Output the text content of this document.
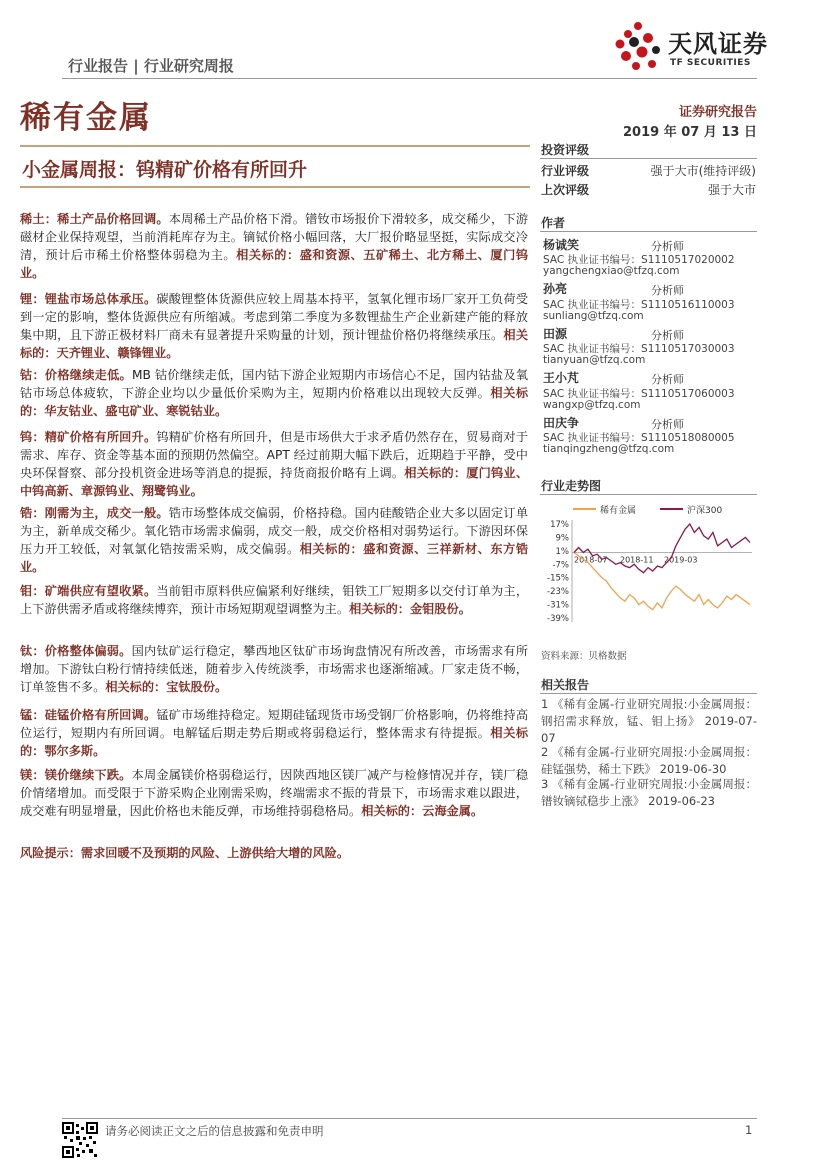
行业报告 | 行业研究周报
天风证券
TF SECURITIES
稀有金属	证券研究报告
2019 年 07 月 13 日
小金属周报：钨精矿价格有所回升
投资评级
行业评级	强于大市(维持评级)
上次评级	强于大市
作者
杨诚笑	分析师
SAC 执业证书编号：S1110517020002
yangchengxiao@tfzq.com
孙亮	分析师
SAC 执业证书编号：S1110516110003
sunliang@tfzq.com
田源	分析师
SAC 执业证书编号：S1110517030003
tianyuan@tfzq.com
王小芃	分析师
SAC 执业证书编号：S1110517060003
wangxp@tfzq.com
田庆争	分析师
SAC 执业证书编号：S1110518080005
tianqingzheng@tfzq.com
行业走势图
稀有金属	沪深300
17%
9%
1%
-7%
-15%
-23%
-31%
-39%
2018-07 2018-11 2019-03
资料来源：贝格数据
相关报告
1 《稀有金属-行业研究周报:小金属周报：钢招需求释放，锰、钼上扬》 2019-07-07
2 《稀有金属-行业研究周报:小金属周报：硅锰强势，稀土下跌》 2019-06-30
3 《稀有金属-行业研究周报:小金属周报：镨钕镝铽稳步上涨》 2019-06-23
稀土：稀土产品价格回调。本周稀土产品价格下滑。镨钕市场报价下滑较多，成交稀少，下游磁材企业保持观望，当前消耗库存为主。镝铽价格小幅回落，大厂报价略显坚挺，实际成交冷清，预计后市稀土价格整体弱稳为主。相关标的：盛和资源、五矿稀土、北方稀土、厦门钨业。
锂：锂盐市场总体承压。碳酸锂整体货源供应较上周基本持平，氢氧化锂市场厂家开工负荷受到一定的影响，整体货源供应有所缩减。考虑到第二季度为多数锂盐生产企业新建产能的释放集中期，且下游正极材料厂商未有显著提升采购量的计划，预计锂盐价格仍将继续承压。相关标的：天齐锂业、赣锋锂业。
钴：价格继续走低。MB 钴价继续走低，国内钴下游企业短期内市场信心不足，国内钴盐及氧钴市场总体疲软，下游企业均以少量低价采购为主，短期内价格难以出现较大反弹。相关标的：华友钴业、盛屯矿业、寒锐钴业。
钨：精矿价格有所回升。钨精矿价格有所回升，但是市场供大于求矛盾仍然存在，贸易商对于需求、库存、资金等基本面的预期仍然偏空。APT 经过前期大幅下跌后，近期趋于平静，受中央环保督察、部分投机资金进场等消息的提振，持货商报价略有上调。相关标的：厦门钨业、中钨高新、章源钨业、翔鹭钨业。
锆：刚需为主，成交一般。锆市场整体成交偏弱，价格持稳。国内硅酸锆企业大多以固定订单为主，新单成交稀少。氧化锆市场需求偏弱，成交一般，成交价格相对弱势运行。下游因环保压力开工较低，对氧氯化锆按需采购，成交偏弱。相关标的：盛和资源、三祥新材、东方锆业。
钼：矿端供应有望收紧。当前钼市原料供应偏紧利好继续，钼铁工厂短期多以交付订单为主，上下游供需矛盾或将继续博弈，预计市场短期观望调整为主。相关标的：金钼股份。
钛：价格整体偏弱。国内钛矿运行稳定，攀西地区钛矿市场询盘情况有所改善，市场需求有所增加。下游钛白粉行情持续低迷，随着步入传统淡季，市场需求也逐渐缩减。厂家走货不畅，订单签售不多。相关标的：宝钛股份。
锰：硅锰价格有所回调。锰矿市场维持稳定。短期硅锰现货市场受钢厂价格影响，仍将维持高位运行，短期内有所回调。电解锰后期走势后期或将弱稳运行，整体需求有待提振。相关标的：鄂尔多斯。
镁：镁价继续下跌。本周金属镁价格弱稳运行，因陕西地区镁厂减产与检修情况并存，镁厂稳价情绪增加。而受限于下游采购企业刚需采购，终端需求不振的背景下，市场需求难以跟进，成交难有明显增量，因此价格也未能反弹，市场维持弱稳格局。相关标的：云海金属。
风险提示：需求回暖不及预期的风险、上游供给大增的风险。
请务必阅读正文之后的信息披露和免责申明	1
